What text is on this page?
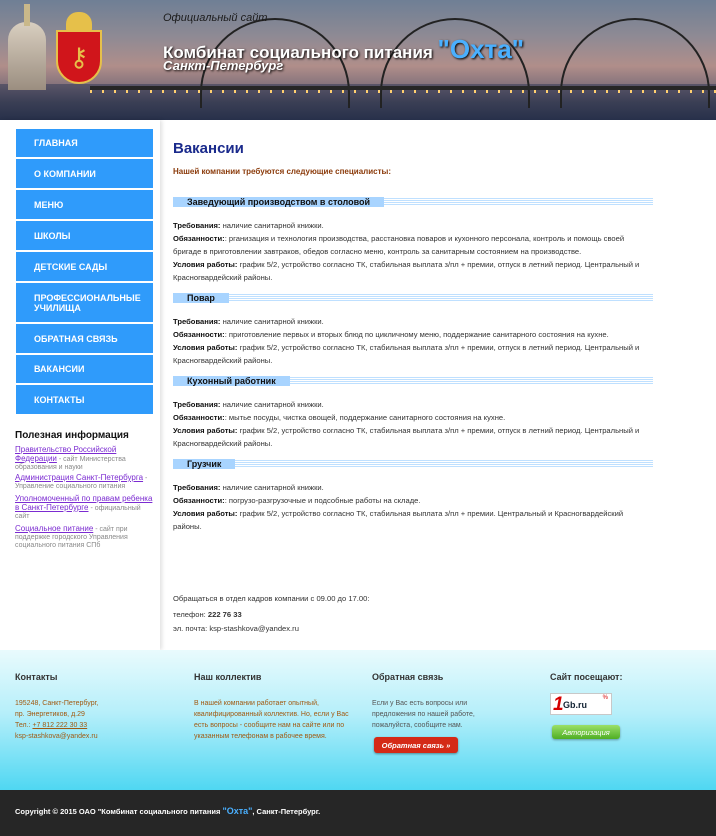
⚷
Официальный сайт
Комбинат социального питания "Охта"
Санкт-Петербург
ГЛАВНАЯ
О КОМПАНИИ
МЕНЮ
ШКОЛЫ
ДЕТСКИЕ САДЫ
ПРОФЕССИОНАЛЬНЫЕ УЧИЛИЩА
ОБРАТНАЯ СВЯЗЬ
ВАКАНСИИ
КОНТАКТЫ
Полезная информация
Правительство Российской Федерации - сайт Министерства образования и науки
Администрация Санкт-Петербурга - Управление социального питания
Уполномоченный по правам ребенка в Санкт-Петербурге - официальный сайт
Социальное питание - сайт при поддержке городского Управления социального питания СПб
Вакансии
Нашей компании требуются следующие специалисты:
Заведующий производством в столовой

Требования: наличие санитарной книжки.

Обязанности:: рганизация и технология производства, расстановка поваров и кухонного персонала, контроль и помощь своей бригаде в приготовлении завтраков, обедов согласно меню, контроль за санитарным состоянием на производстве.

Условия работы: график 5/2, устройство согласно ТК, стабильная выплата з/пл + премии, отпуск в летний период. Центральный и Красногвардейский районы.

Повар

Требования: наличие санитарной книжки.

Обязанности:: приготовление первых и вторых блюд по цикличному меню, поддержание санитарного состояния на кухне.

Условия работы: график 5/2, устройство согласно ТК, стабильная выплата з/пл + премии, отпуск в летний период. Центральный и Красногвардейский районы.

Кухонный работник

Требования: наличие санитарной книжки.

Обязанности:: мытье посуды, чистка овощей, поддержание санитарного состояния на кухне.

Условия работы: график 5/2, устройство согласно ТК, стабильная выплата з/пл + премии, отпуск в летний период. Центральный и Красногвардейский районы.

Грузчик

Требования: наличие санитарной книжки.

Обязанности:: погрузо-разгрузочные и подсобные работы на складе.

Условия работы: график 5/2, устройство согласно ТК, стабильная выплата з/пл + премии. Центральный и Красногвардейский районы.

Обращаться в отдел кадров компании с 09.00 до 17.00:
телефон: 222 76 33
эл. почта: ksp-stashkova@yandex.ru
Контакты

195248, Санкт-Петербург,

пр. Энергетиков, д.29

Тел.: +7 812 222 30 33

ksp-stashkova@yandex.ru

Наш коллектив

В нашей компании работает опытный, квалифицированный коллектив. Но, если у Вас есть вопросы - сообщите нам на сайте или по указанным телефонам в рабочее время.

Обратная связь

Если у Вас есть вопросы или предложения по нашей работе, пожалуйста, сообщите нам.

Обратная связь »
Сайт посещают:
1 Gb.ru
%
Авторизация
Copyright © 2015 ОАО "Комбинат социального питания "Охта", Санкт-Петербург.
